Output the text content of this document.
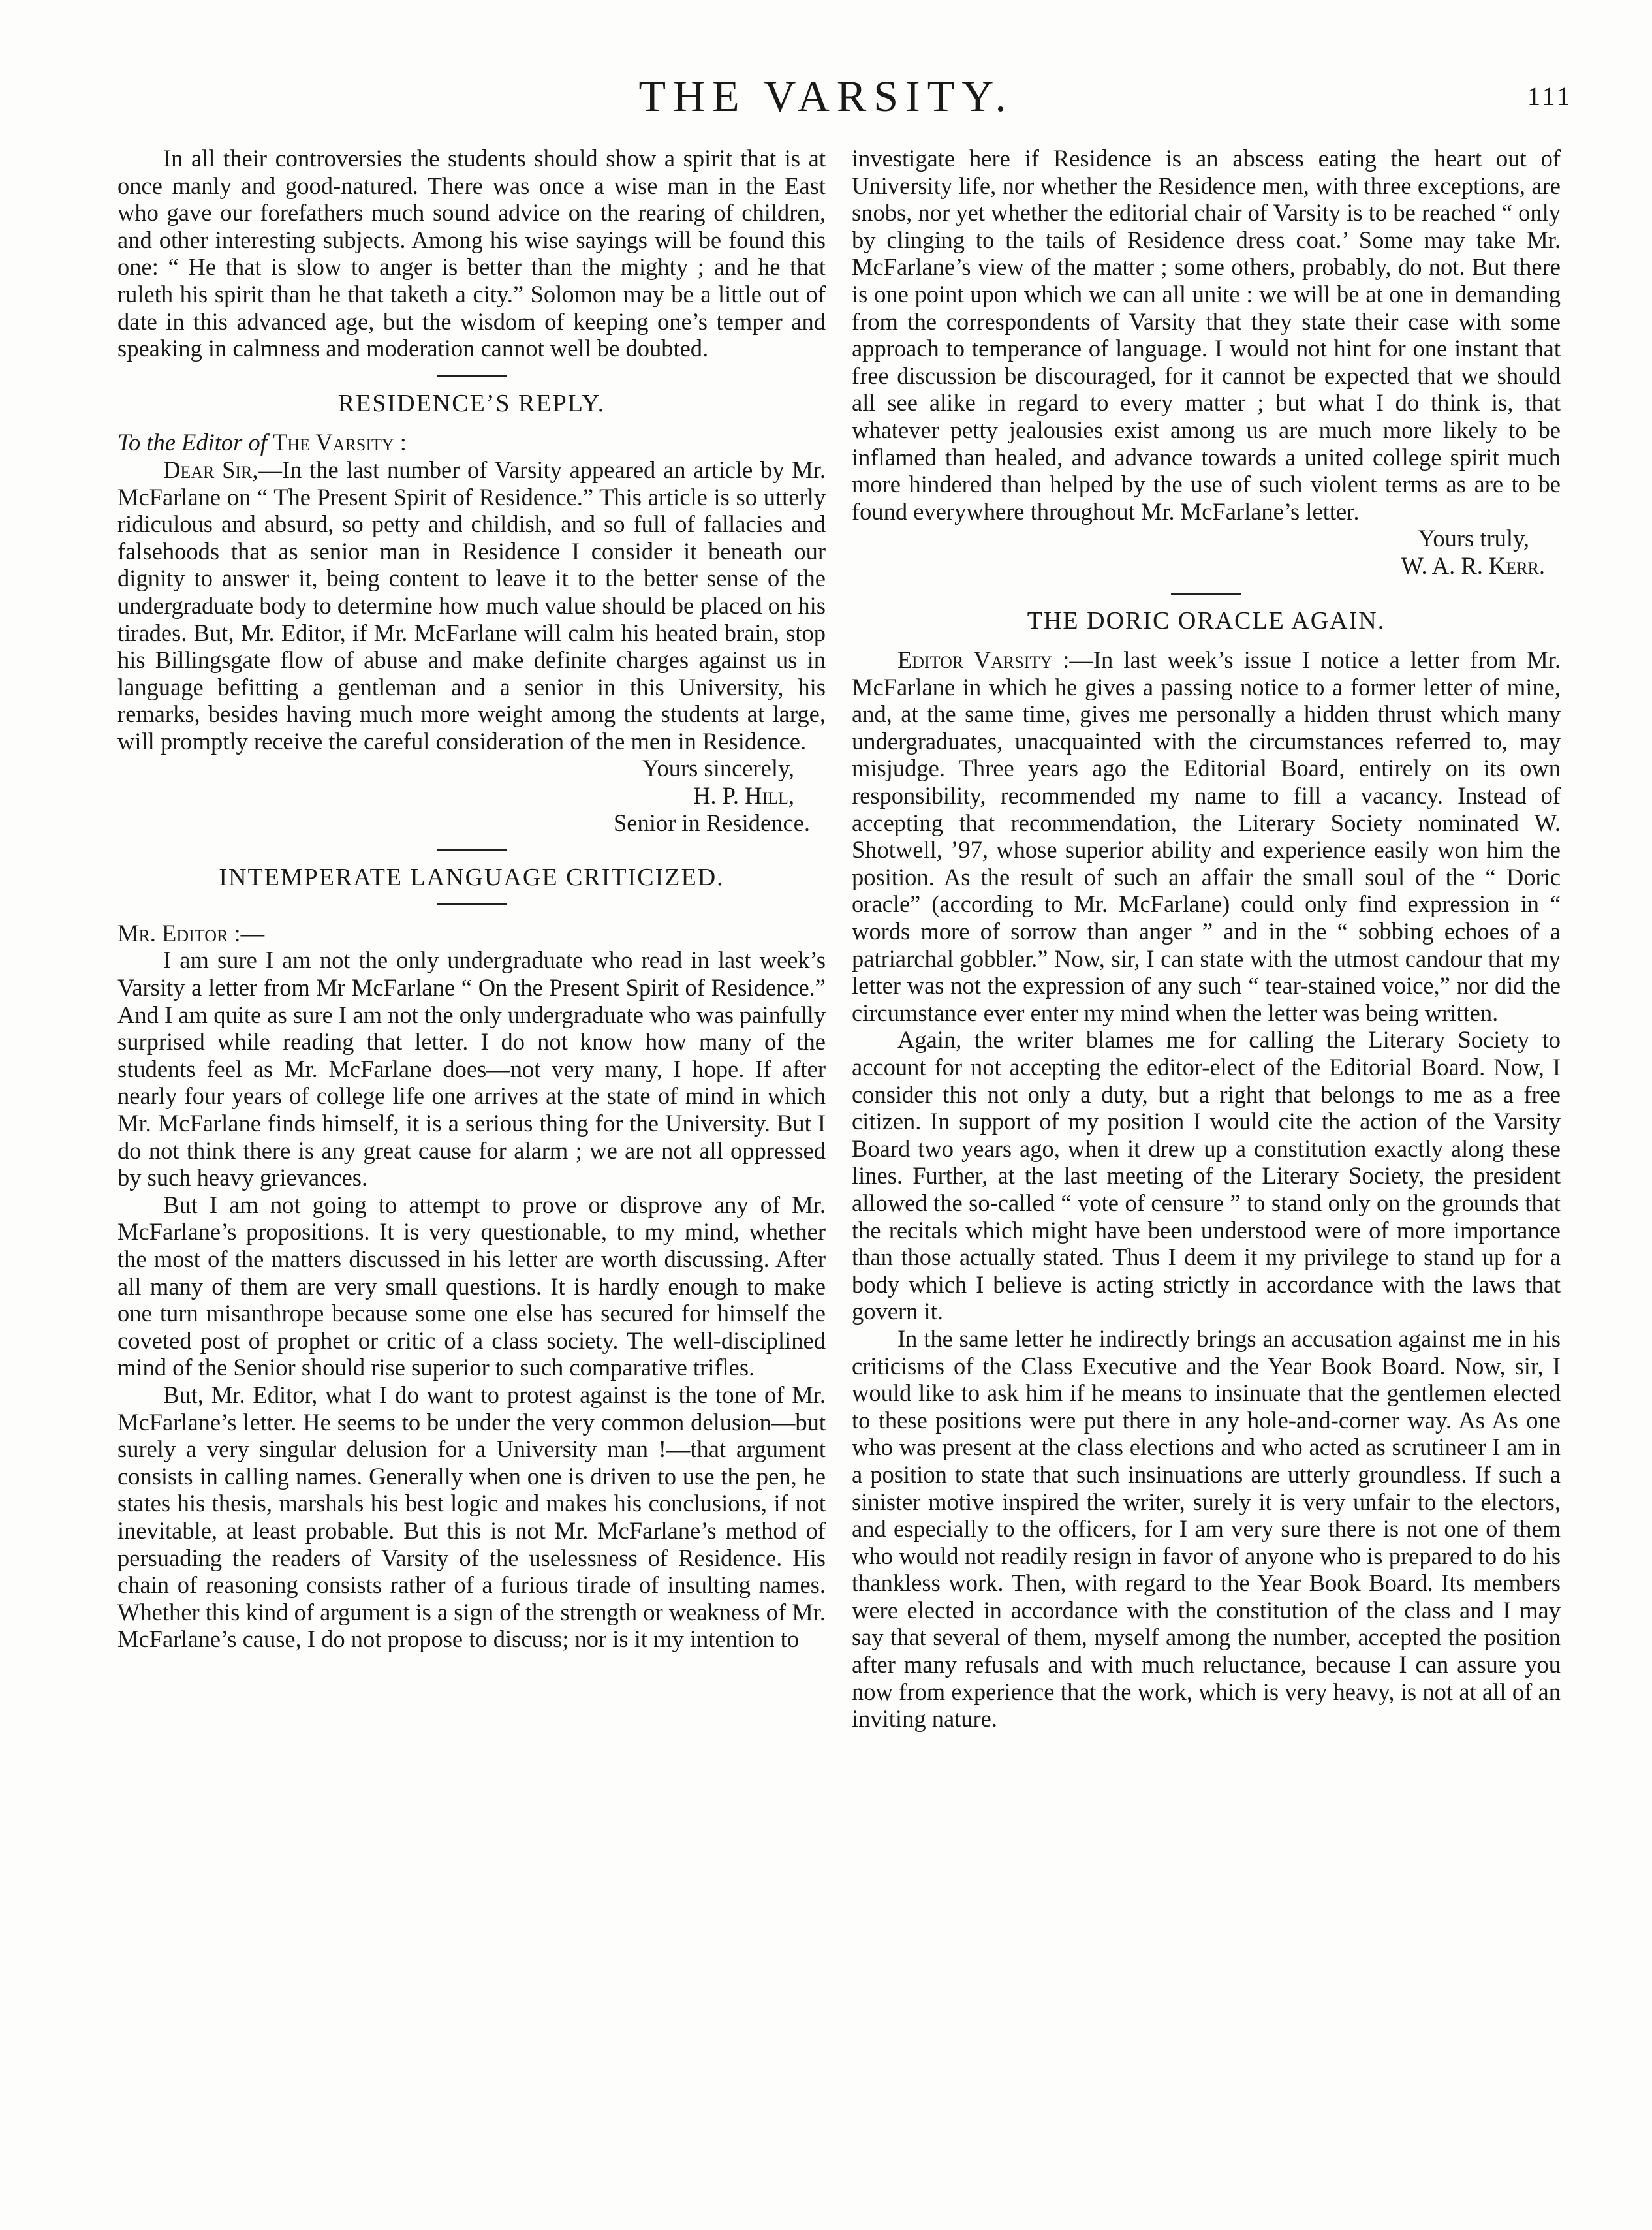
THE VARSITY.	111

In all their controversies the students should show a spirit that is at once manly and good-natured. There was once a wise man in the East who gave our forefathers much sound advice on the rearing of children, and other interesting subjects. Among his wise sayings will be found this one: “ He that is slow to anger is better than the mighty ; and he that ruleth his spirit than he that taketh a city.” Solomon may be a little out of date in this advanced age, but the wisdom of keeping one’s temper and speaking in calmness and moderation cannot well be doubted.

RESIDENCE’S REPLY.

To the Editor of The Varsity :

Dear Sir,—In the last number of Varsity appeared an article by Mr. McFarlane on “ The Present Spirit of Residence.” This article is so utterly ridiculous and absurd, so petty and childish, and so full of fallacies and falsehoods that as senior man in Residence I consider it beneath our dignity to answer it, being content to leave it to the better sense of the undergraduate body to determine how much value should be placed on his tirades. But, Mr. Editor, if Mr. McFarlane will calm his heated brain, stop his Billingsgate flow of abuse and make definite charges against us in language befitting a gentleman and a senior in this University, his remarks, besides having much more weight among the students at large, will promptly receive the careful consideration of the men in Residence.

Yours sincerely,

H. P. Hill,

Senior in Residence.

INTEMPERATE LANGUAGE CRITICIZED.

Mr. Editor :—

I am sure I am not the only undergraduate who read in last week’s Varsity a letter from Mr McFarlane “ On the Present Spirit of Residence.” And I am quite as sure I am not the only undergraduate who was painfully surprised while reading that letter. I do not know how many of the students feel as Mr. McFarlane does—not very many, I hope. If after nearly four years of college life one arrives at the state of mind in which Mr. McFarlane finds himself, it is a serious thing for the University. But I do not think there is any great cause for alarm ; we are not all oppressed by such heavy grievances.

But I am not going to attempt to prove or disprove any of Mr. McFarlane’s propositions. It is very questionable, to my mind, whether the most of the matters discussed in his letter are worth discussing. After all many of them are very small questions. It is hardly enough to make one turn misanthrope because some one else has secured for himself the coveted post of prophet or critic of a class society. The well-disciplined mind of the Senior should rise superior to such comparative trifles.

But, Mr. Editor, what I do want to protest against is the tone of Mr. McFarlane’s letter. He seems to be under the very common delusion—but surely a very singular delusion for a University man !—that argument consists in calling names. Generally when one is driven to use the pen, he states his thesis, marshals his best logic and makes his conclusions, if not inevitable, at least probable. But this is not Mr. McFarlane’s method of persuading the readers of Varsity of the uselessness of Residence. His chain of reasoning consists rather of a furious tirade of insulting names. Whether this kind of argument is a sign of the strength or weakness of Mr. McFarlane’s cause, I do not propose to discuss; nor is it my intention to

investigate here if Residence is an abscess eating the heart out of University life, nor whether the Residence men, with three exceptions, are snobs, nor yet whether the editorial chair of Varsity is to be reached “ only by clinging to the tails of Residence dress coat.’ Some may take Mr. McFarlane’s view of the matter ; some others, probably, do not. But there is one point upon which we can all unite : we will be at one in demanding from the correspondents of Varsity that they state their case with some approach to temperance of language. I would not hint for one instant that free discussion be discouraged, for it cannot be expected that we should all see alike in regard to every matter ; but what I do think is, that whatever petty jealousies exist among us are much more likely to be inflamed than healed, and advance towards a united college spirit much more hindered than helped by the use of such violent terms as are to be found everywhere throughout Mr. McFarlane’s letter.

Yours truly,

W. A. R. Kerr.

THE DORIC ORACLE AGAIN.

Editor Varsity :—In last week’s issue I notice a letter from Mr. McFarlane in which he gives a passing notice to a former letter of mine, and, at the same time, gives me personally a hidden thrust which many undergraduates, unacquainted with the circumstances referred to, may misjudge. Three years ago the Editorial Board, entirely on its own responsibility, recommended my name to fill a vacancy. Instead of accepting that recommendation, the Literary Society nominated W. Shotwell, ’97, whose superior ability and experience easily won him the position. As the result of such an affair the small soul of the “ Doric oracle” (according to Mr. McFarlane) could only find expression in “ words more of sorrow than anger ” and in the “ sobbing echoes of a patriarchal gobbler.” Now, sir, I can state with the utmost candour that my letter was not the expression of any such “ tear-stained voice,” nor did the circumstance ever enter my mind when the letter was being written.

Again, the writer blames me for calling the Literary Society to account for not accepting the editor-elect of the Editorial Board. Now, I consider this not only a duty, but a right that belongs to me as a free citizen. In support of my position I would cite the action of the Varsity Board two years ago, when it drew up a constitution exactly along these lines. Further, at the last meeting of the Literary Society, the president allowed the so-called “ vote of censure ” to stand only on the grounds that the recitals which might have been understood were of more importance than those actually stated. Thus I deem it my privilege to stand up for a body which I believe is acting strictly in accordance with the laws that govern it.

In the same letter he indirectly brings an accusation against me in his criticisms of the Class Executive and the Year Book Board. Now, sir, I would like to ask him if he means to insinuate that the gentlemen elected to these positions were put there in any hole-and-corner way. As As one who was present at the class elections and who acted as scrutineer I am in a position to state that such insinuations are utterly groundless. If such a sinister motive inspired the writer, surely it is very unfair to the electors, and especially to the officers, for I am very sure there is not one of them who would not readily resign in favor of anyone who is prepared to do his thankless work. Then, with regard to the Year Book Board. Its members were elected in accordance with the constitution of the class and I may say that several of them, myself among the number, accepted the position after many refusals and with much reluctance, because I can assure you now from experience that the work, which is very heavy, is not at all of an inviting nature.
